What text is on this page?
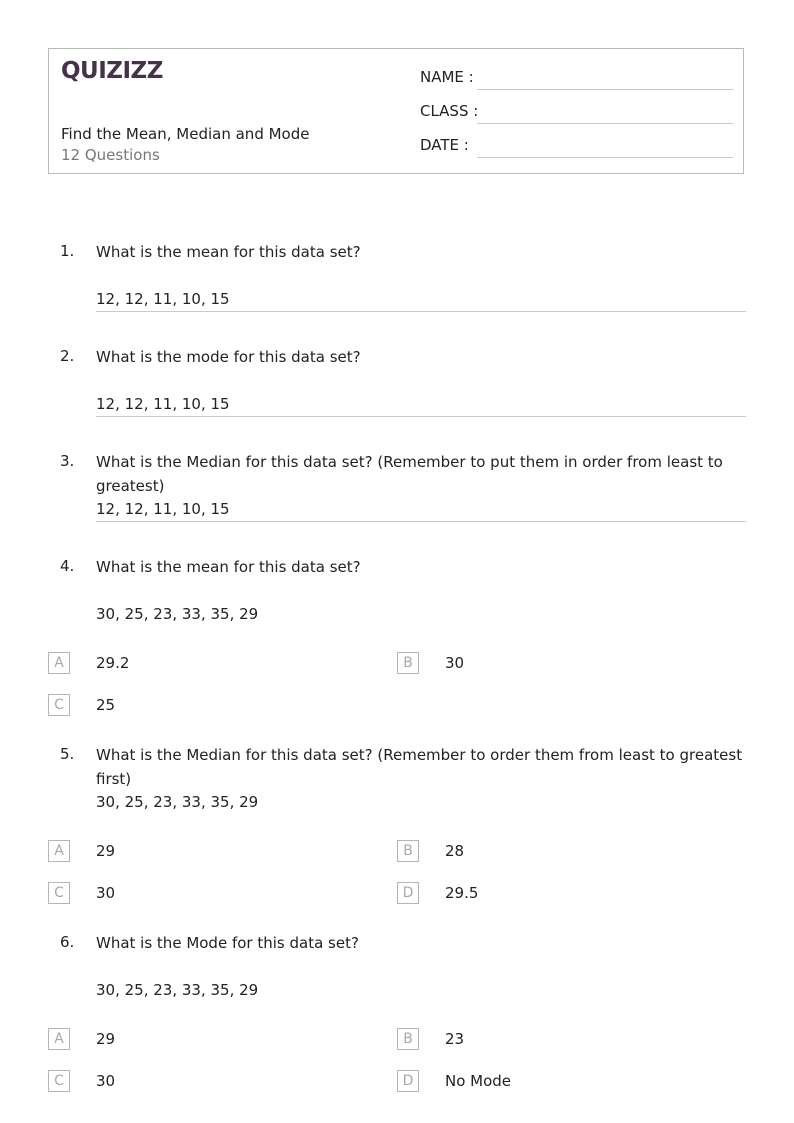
QUIZIZZ
Find the Mean, Median and Mode
12 Questions
NAME :
CLASS :
DATE :
1. What is the mean for this data set?
12, 12, 11, 10, 15
2. What is the mode for this data set?
12, 12, 11, 10, 15
3. What is the Median for this data set? (Remember to put them in order from least to greatest)
12, 12, 11, 10, 15
4. What is the mean for this data set?
30, 25, 23, 33, 35, 29
A	29.2	B	30
C	25
5. What is the Median for this data set? (Remember to order them from least to greatest first)
30, 25, 23, 33, 35, 29
A	29	B	28
C	30	D	29.5
6. What is the Mode for this data set?
30, 25, 23, 33, 35, 29
A	29	B	23
C	30	D	No Mode
